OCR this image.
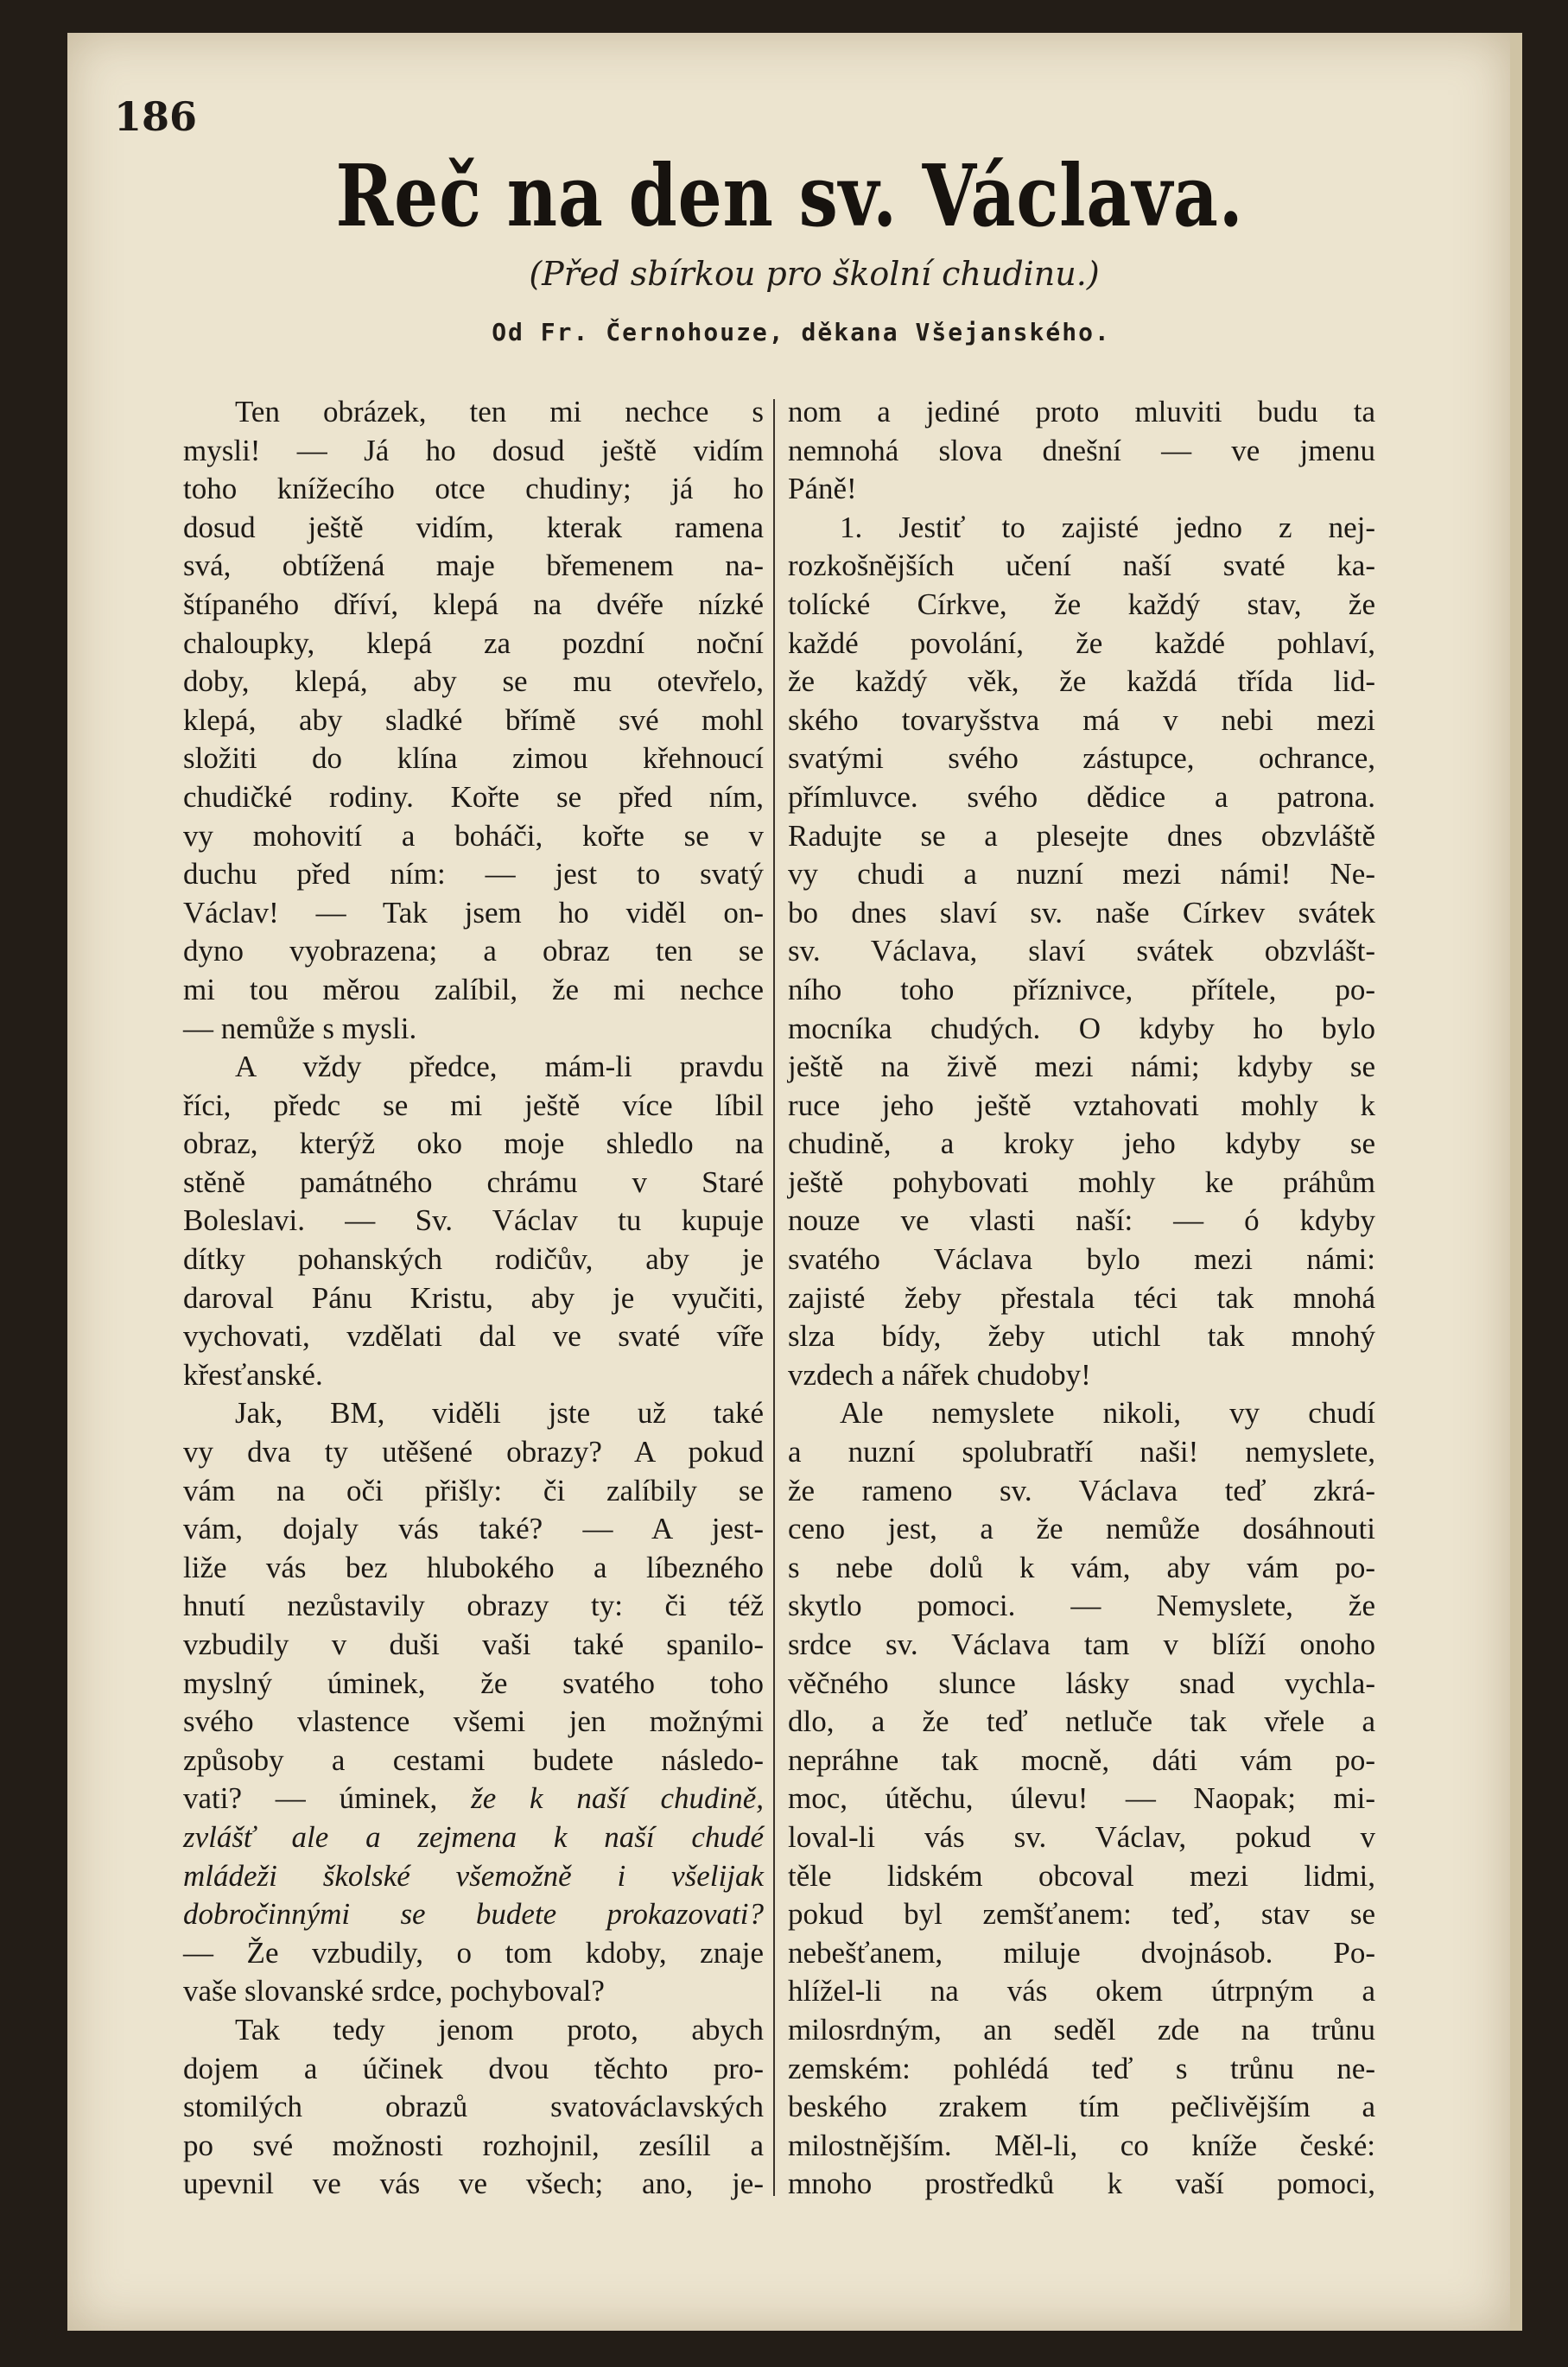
186
Reč na den sv. Václava.
(Před sbírkou pro školní chudinu.)
Od Fr. Černohouze, děkana Všejanského.
Ten obrázek, ten mi nechce s
mysli! — Já ho dosud ještě vidím
toho knížecího otce chudiny; já ho
dosud ještě vidím, kterak ramena
svá, obtížená maje břemenem na-
štípaného dříví, klepá na dvéře nízké
chaloupky, klepá za pozdní noční
doby, klepá, aby se mu otevřelo,
klepá, aby sladké břímě své mohl
složiti do klína zimou křehnoucí
chudičké rodiny. Kořte se před ním,
vy mohovití a boháči, kořte se v
duchu před ním: — jest to svatý
Václav! — Tak jsem ho viděl on-
dyno vyobrazena; a obraz ten se
mi tou měrou zalíbil, že mi nechce
— nemůže s mysli.
A vždy předce, mám-li pravdu
říci, předc se mi ještě více líbil
obraz, kterýž oko moje shledlo na
stěně památného chrámu v Staré
Boleslavi. — Sv. Václav tu kupuje
dítky pohanských rodičův, aby je
daroval Pánu Kristu, aby je vyučiti,
vychovati, vzdělati dal ve svaté víře
křesťanské.
Jak, BM, viděli jste už také
vy dva ty utěšené obrazy? A pokud
vám na oči přišly: či zalíbily se
vám, dojaly vás také? — A jest-
liže vás bez hlubokého a líbezného
hnutí nezůstavily obrazy ty: či též
vzbudily v duši vaši také spanilo-
myslný úminek, že svatého toho
svého vlastence všemi jen možnými
způsoby a cestami budete následo-
vati? — úminek, že k naší chudině,
zvlášť ale a zejmena k naší chudé
mládeži školské všemožně i všelijak
dobročinnými se budete prokazovati?
— Že vzbudily, o tom kdoby, znaje
vaše slovanské srdce, pochyboval?
Tak tedy jenom proto, abych
dojem a účinek dvou těchto pro-
stomilých obrazů svatováclavských
po své možnosti rozhojnil, zesílil a
upevnil ve vás ve všech; ano, je-
nom a jediné proto mluviti budu ta
nemnohá slova dnešní — ve jmenu
Páně!
1. Jestiť to zajisté jedno z nej-
rozkošnějších učení naší svaté ka-
tolícké Církve, že každý stav, že
každé povolání, že každé pohlaví,
že každý věk, že každá třída lid-
ského tovaryšstva má v nebi mezi
svatými svého zástupce, ochrance,
přímluvce. svého dědice a patrona.
Radujte se a plesejte dnes obzvláště
vy chudi a nuzní mezi námi! Ne-
bo dnes slaví sv. naše Církev svátek
sv. Václava, slaví svátek obzvlášt-
ního toho příznivce, přítele, po-
mocníka chudých. O kdyby ho bylo
ještě na živě mezi námi; kdyby se
ruce jeho ještě vztahovati mohly k
chudině, a kroky jeho kdyby se
ještě pohybovati mohly ke práhům
nouze ve vlasti naší: — ó kdyby
svatého Václava bylo mezi námi:
zajisté žeby přestala téci tak mnohá
slza bídy, žeby utichl tak mnohý
vzdech a nářek chudoby!
Ale nemyslete nikoli, vy chudí
a nuzní spolubratří naši! nemyslete,
že rameno sv. Václava teď zkrá-
ceno jest, a že nemůže dosáhnouti
s nebe dolů k vám, aby vám po-
skytlo pomoci. — Nemyslete, že
srdce sv. Václava tam v blíží onoho
věčného slunce lásky snad vychla-
dlo, a že teď netluče tak vřele a
nepráhne tak mocně, dáti vám po-
moc, útěchu, úlevu! — Naopak; mi-
loval-li vás sv. Václav, pokud v
těle lidském obcoval mezi lidmi,
pokud byl zemšťanem: teď, stav se
nebešťanem, miluje dvojnásob. Po-
hlížel-li na vás okem útrpným a
milosrdným, an seděl zde na trůnu
zemském: pohlédá teď s trůnu ne-
beského zrakem tím pečlivějším a
milostnějším. Měl-li, co kníže české:
mnoho prostředků k vaší pomoci,
